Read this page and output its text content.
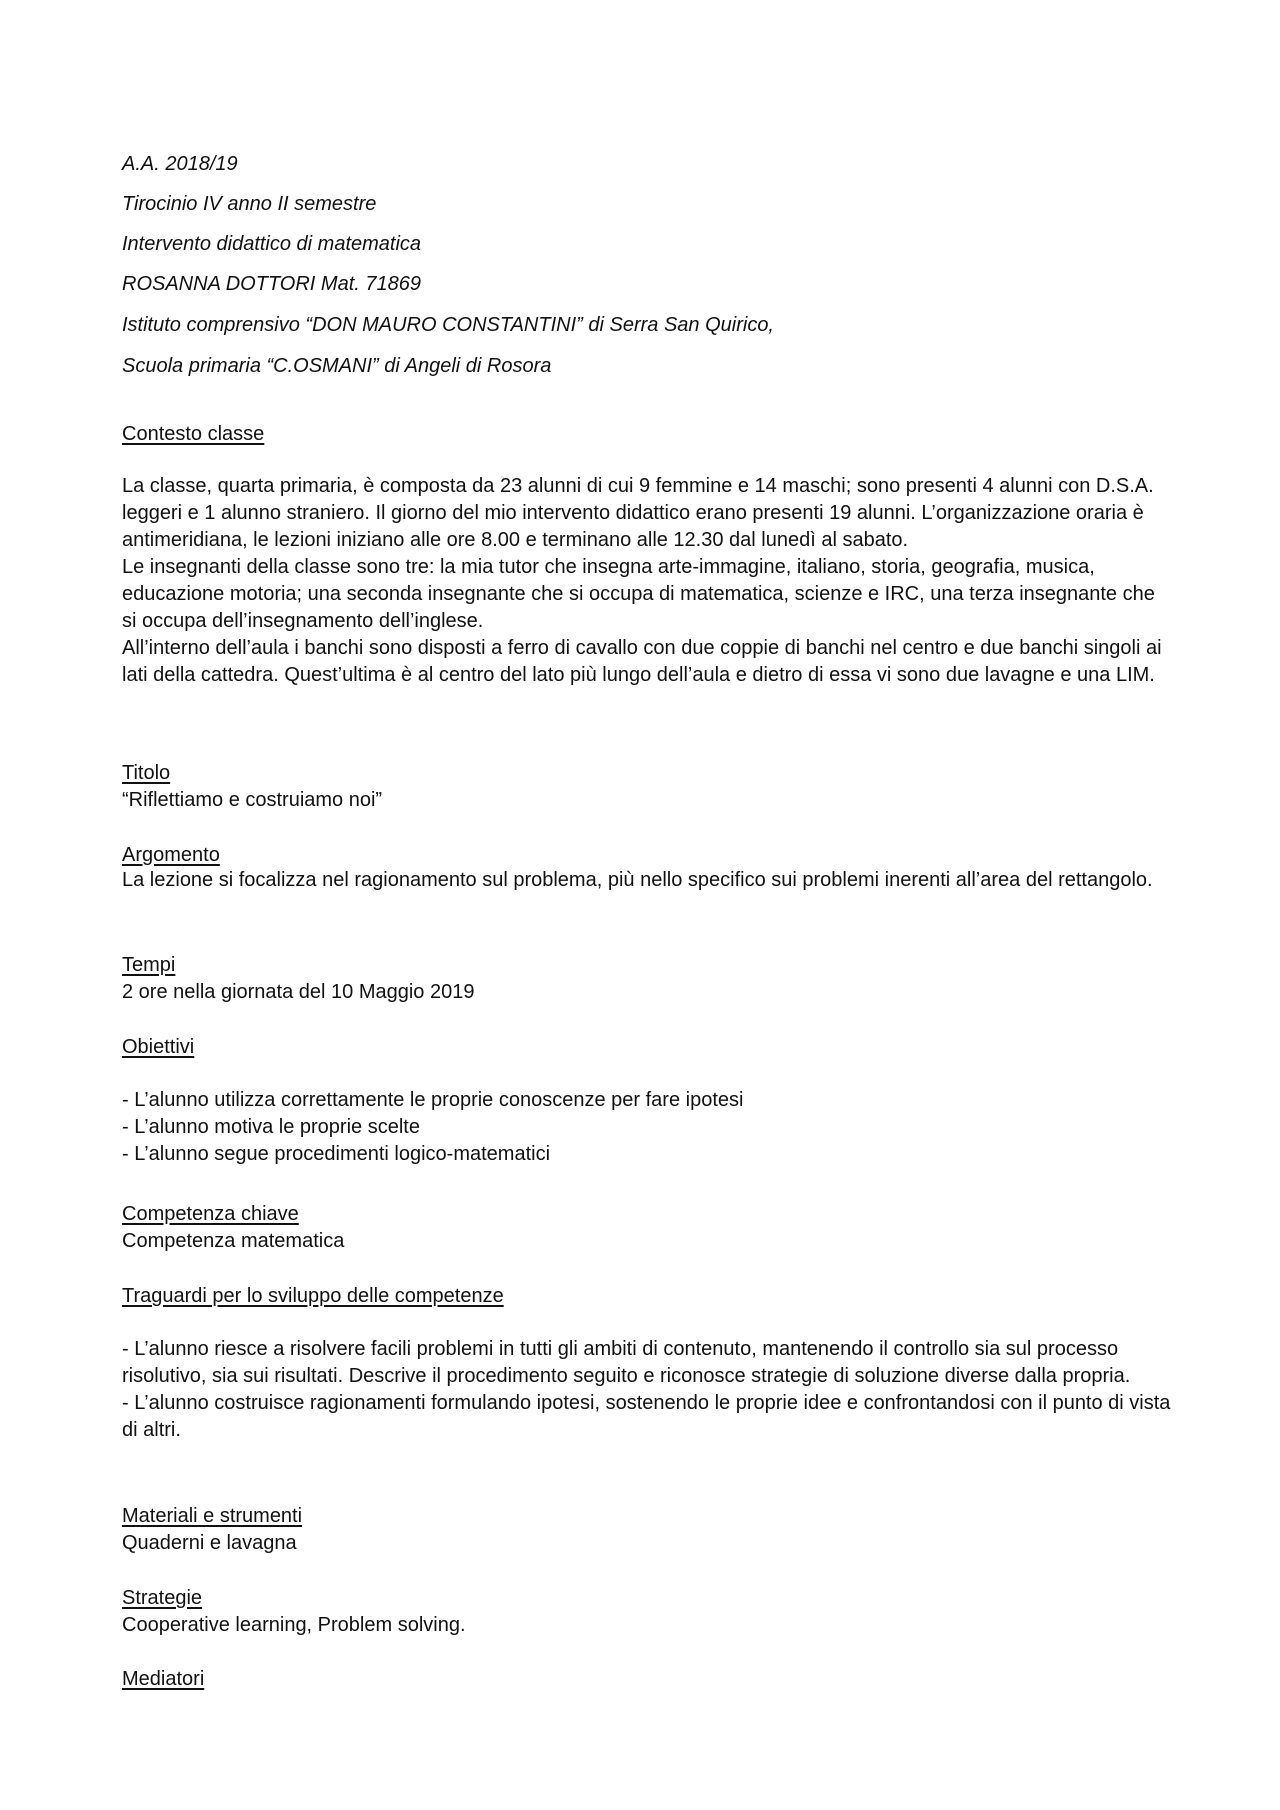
A.A. 2018/19
Tirocinio IV anno II semestre
Intervento didattico di matematica
ROSANNA DOTTORI Mat. 71869
Istituto comprensivo “DON MAURO CONSTANTINI” di Serra San Quirico,
Scuola primaria “C.OSMANI” di Angeli di Rosora
Contesto classe

La classe, quarta primaria, è composta da 23 alunni di cui 9 femmine e 14 maschi; sono presenti 4 alunni con D.S.A. leggeri e 1 alunno straniero. Il giorno del mio intervento didattico erano presenti 19 alunni. L’organizzazione oraria è antimeridiana, le lezioni iniziano alle ore 8.00 e terminano alle 12.30 dal lunedì al sabato.

Le insegnanti della classe sono tre: la mia tutor che insegna arte-immagine, italiano, storia, geografia, musica, educazione motoria; una seconda insegnante che si occupa di matematica, scienze e IRC, una terza insegnante che si occupa dell’insegnamento dell’inglese.

All’interno dell’aula i banchi sono disposti a ferro di cavallo con due coppie di banchi nel centro e due banchi singoli ai lati della cattedra. Quest’ultima è al centro del lato più lungo dell’aula e dietro di essa vi sono due lavagne e una LIM.

Titolo
“Riflettiamo e costruiamo noi”
Argomento
La lezione si focalizza nel ragionamento sul problema, più nello specifico sui problemi inerenti all’area del rettangolo.
Tempi
2 ore nella giornata del 10 Maggio 2019
Obiettivi
- L’alunno utilizza correttamente le proprie conoscenze per fare ipotesi
- L’alunno motiva le proprie scelte
- L’alunno segue procedimenti logico-matematici
Competenza chiave
Competenza matematica
Traguardi per lo sviluppo delle competenze
- L’alunno riesce a risolvere facili problemi in tutti gli ambiti di contenuto, mantenendo il controllo sia sul processo risolutivo, sia sui risultati. Descrive il procedimento seguito e riconosce strategie di soluzione diverse dalla propria.
- L’alunno costruisce ragionamenti formulando ipotesi, sostenendo le proprie idee e confrontandosi con il punto di vista di altri.
Materiali e strumenti
Quaderni e lavagna
Strategie
Cooperative learning, Problem solving.
Mediatori
